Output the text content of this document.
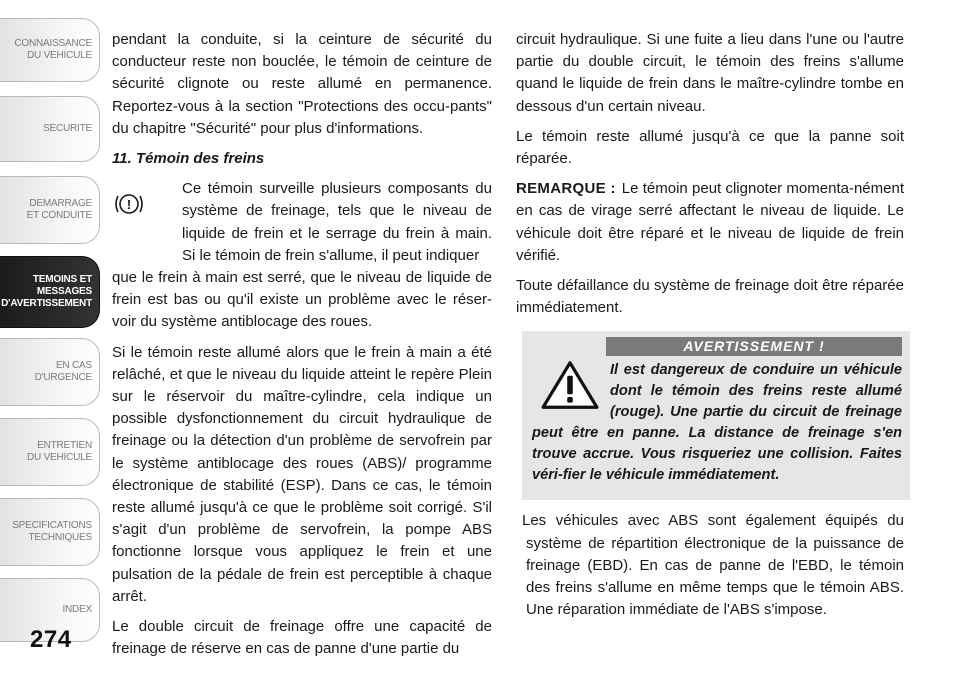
CONNAISSANCE
DU VEHICULE
SECURITE
DEMARRAGE
ET CONDUITE
TEMOINS ET
MESSAGES
D'AVERTISSEMENT
EN CAS
D'URGENCE
ENTRETIEN
DU VEHICULE
SPECIFICATIONS
TECHNIQUES
INDEX
274

pendant la conduite, si la ceinture de sécurité du conducteur reste non bouclée, le témoin de ceinture de sécurité clignote ou reste allumé en permanence. Reportez-vous à la section "Protections des occu-pants" du chapitre "Sécurité" pour plus d'informations.

11. Témoin des freins

!

Ce témoin surveille plusieurs composants du système de freinage, tels que le niveau de liquide de frein et le serrage du frein à main. Si le témoin de frein s'allume, il peut indiquer

que le frein à main est serré, que le niveau de liquide de frein est bas ou qu'il existe un problème avec le réser-voir du système antiblocage des roues.

Si le témoin reste allumé alors que le frein à main a été relâché, et que le niveau du liquide atteint le repère Plein sur le réservoir du maître-cylindre, cela indique un possible dysfonctionnement du circuit hydraulique de freinage ou la détection d'un problème de servofrein par le système antiblocage des roues (ABS)/ programme électronique de stabilité (ESP). Dans ce cas, le témoin reste allumé jusqu'à ce que le problème soit corrigé. S'il s'agit d'un problème de servofrein, la pompe ABS fonctionne lorsque vous appliquez le frein et une pulsation de la pédale de frein est perceptible à chaque arrêt.

Le double circuit de freinage offre une capacité de freinage de réserve en cas de panne d'une partie du

circuit hydraulique. Si une fuite a lieu dans l'une ou l'autre partie du double circuit, le témoin des freins s'allume quand le liquide de frein dans le maître-cylindre tombe en dessous d'un certain niveau.

Le témoin reste allumé jusqu'à ce que la panne soit réparée.

REMARQUE : Le témoin peut clignoter momenta-nément en cas de virage serré affectant le niveau de liquide. Le véhicule doit être réparé et le niveau de liquide de frein vérifié.

Toute défaillance du système de freinage doit être réparée immédiatement.

AVERTISSEMENT !

Il est dangereux de conduire un véhicule dont le témoin des freins reste allumé (rouge). Une partie du circuit de freinage peut être en panne. La distance de freinage s'en trouve accrue. Vous risqueriez une collision. Faites véri-fier le véhicule immédiatement.

Les véhicules avec ABS sont également équipés du système de répartition électronique de la puissance de freinage (EBD). En cas de panne de l'EBD, le témoin des freins s'allume en même temps que le témoin ABS. Une réparation immédiate de l'ABS s'impose.
